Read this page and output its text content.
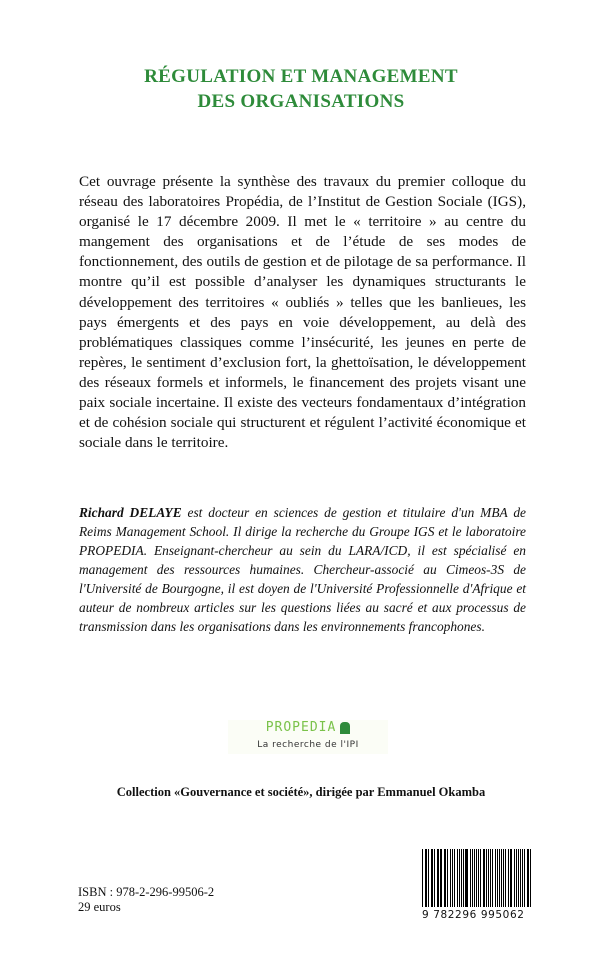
RÉGULATION ET MANAGEMENT
DES ORGANISATIONS
Cet ouvrage présente la synthèse des travaux du premier colloque du réseau des laboratoires Propédia, de l’Institut de Gestion Sociale (IGS), organisé le 17 décembre 2009. Il met le « territoire » au centre du mangement des organisations et de l’étude de ses modes de fonctionnement, des outils de gestion et de pilotage de sa performance. Il montre qu’il est possible d’analyser les dynamiques structurants le développement des territoires « oubliés » telles que les banlieues, les pays émergents et des pays en voie développement, au delà des problématiques classiques comme l’insécurité, les jeunes en perte de repères, le sentiment d’exclusion fort, la ghettoïsation, le développement des réseaux formels et informels, le financement des projets visant une paix sociale incertaine. Il existe des vecteurs fondamentaux d’intégration et de cohésion sociale qui structurent et régulent l’activité économique et sociale dans le territoire.
Richard DELAYE est docteur en sciences de gestion et titulaire d'un MBA de Reims Management School. Il dirige la recherche du Groupe IGS et le laboratoire PROPEDIA. Enseignant-chercheur au sein du LARA/ICD, il est spécialisé en management des ressources humaines. Chercheur-associé au Cimeos-3S de l'Université de Bourgogne, il est doyen de l'Université Professionnelle d'Afrique et auteur de nombreux articles sur les questions liées au sacré et aux processus de transmission dans les organisations dans les environnements francophones.
PROPEDIA
La recherche de l'IPI
Collection «Gouvernance et société», dirigée par Emmanuel Okamba
ISBN : 978-2-296-99506-2
29 euros
9 782296 995062
